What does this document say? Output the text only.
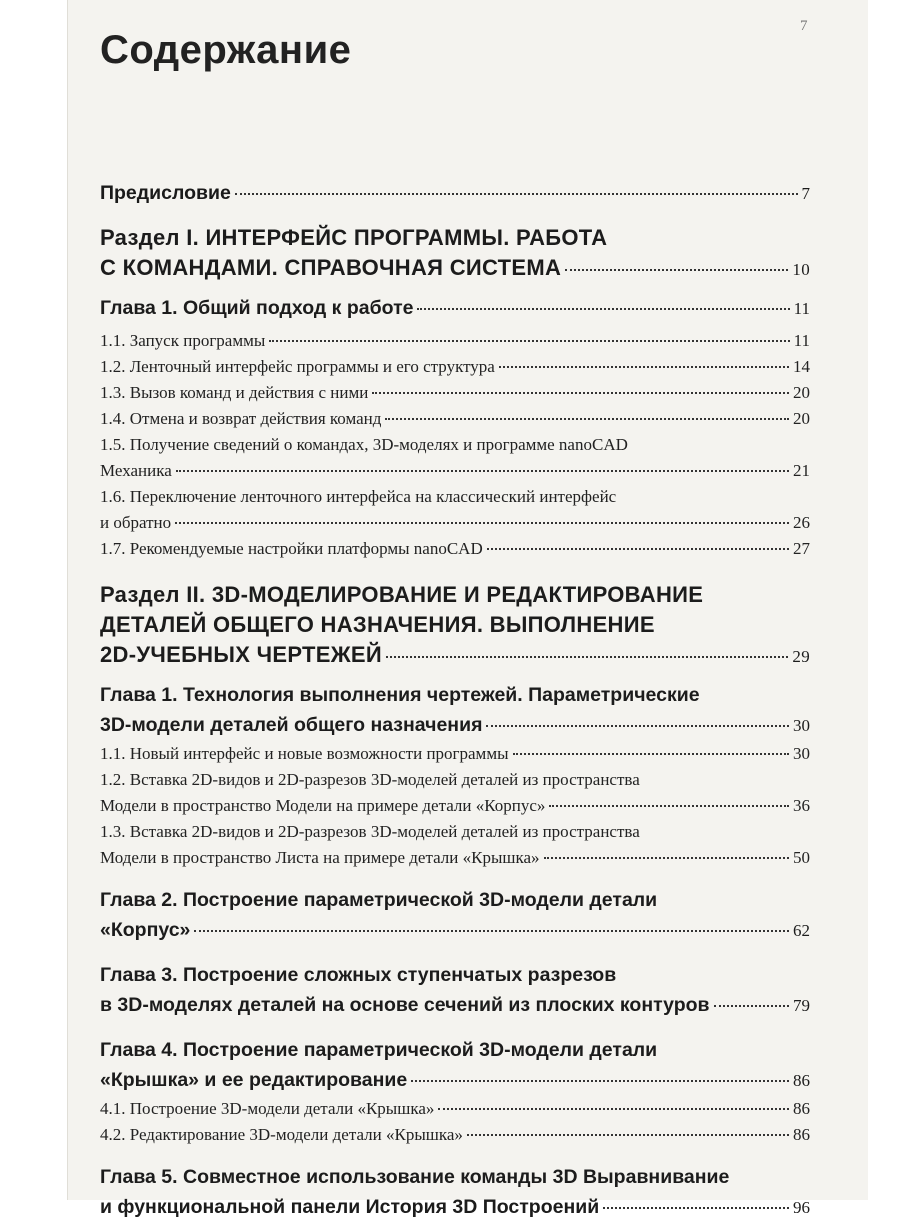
7
Содержание
Предисловие	7
Раздел I. ИНТЕРФЕЙС ПРОГРАММЫ. РАБОТА
С КОМАНДАМИ. СПРАВОЧНАЯ СИСТЕМА	10
Глава 1. Общий подход к работе	11
1.1. Запуск программы	11
1.2. Ленточный интерфейс программы и его структура	14
1.3. Вызов команд и действия с ними	20
1.4. Отмена и возврат действия команд	20
1.5. Получение сведений о командах, 3D-моделях и программе nanoCAD
Механика	21
1.6. Переключение ленточного интерфейса на классический интерфейс
и обратно	26
1.7. Рекомендуемые настройки платформы nanoCAD	27
Раздел II. 3D-МОДЕЛИРОВАНИЕ И РЕДАКТИРОВАНИЕ
ДЕТАЛЕЙ ОБЩЕГО НАЗНАЧЕНИЯ. ВЫПОЛНЕНИЕ
2D-УЧЕБНЫХ ЧЕРТЕЖЕЙ	29
Глава 1. Технология выполнения чертежей. Параметрические
3D-модели деталей общего назначения	30
1.1. Новый интерфейс и новые возможности программы	30
1.2. Вставка 2D-видов и 2D-разрезов 3D-моделей деталей из пространства
Модели в пространство Модели на примере детали «Корпус»	36
1.3. Вставка 2D-видов и 2D-разрезов 3D-моделей деталей из пространства
Модели в пространство Листа на примере детали «Крышка»	50
Глава 2. Построение параметрической 3D-модели детали
«Корпус»	62
Глава 3. Построение сложных ступенчатых разрезов
в 3D-моделях деталей на основе сечений из плоских контуров	79
Глава 4. Построение параметрической 3D-модели детали
«Крышка» и ее редактирование	86
4.1. Построение 3D-модели детали «Крышка»	86
4.2. Редактирование 3D-модели детали «Крышка»	86
Глава 5. Совместное использование команды 3D Выравнивание
и функциональной панели История 3D Построений	96
